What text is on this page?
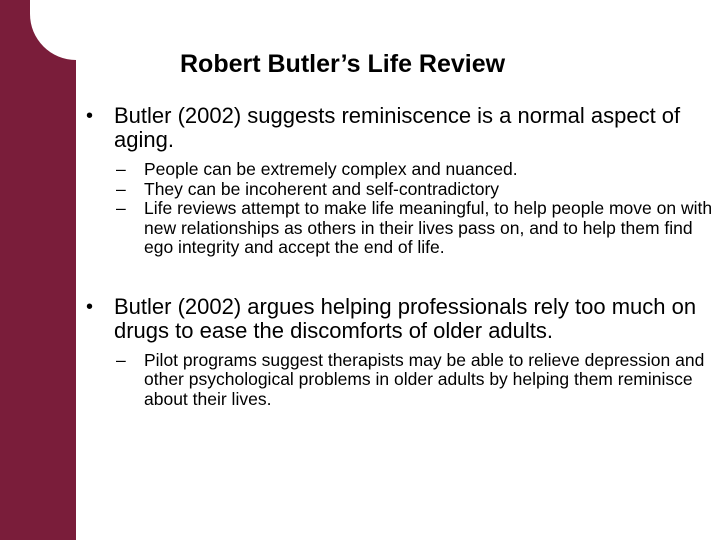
Robert Butler’s Life Review
• Butler (2002) suggests reminiscence is a normal aspect of aging.
– People can be extremely complex and nuanced.
– They can be incoherent and self-contradictory
– Life reviews attempt to make life meaningful, to help people move on with new relationships as others in their lives pass on, and to help them find ego integrity and accept the end of life.
• Butler (2002) argues helping professionals rely too much on drugs to ease the discomforts of older adults.
– Pilot programs suggest therapists may be able to relieve depression and other psychological problems in older adults by helping them reminisce about their lives.
